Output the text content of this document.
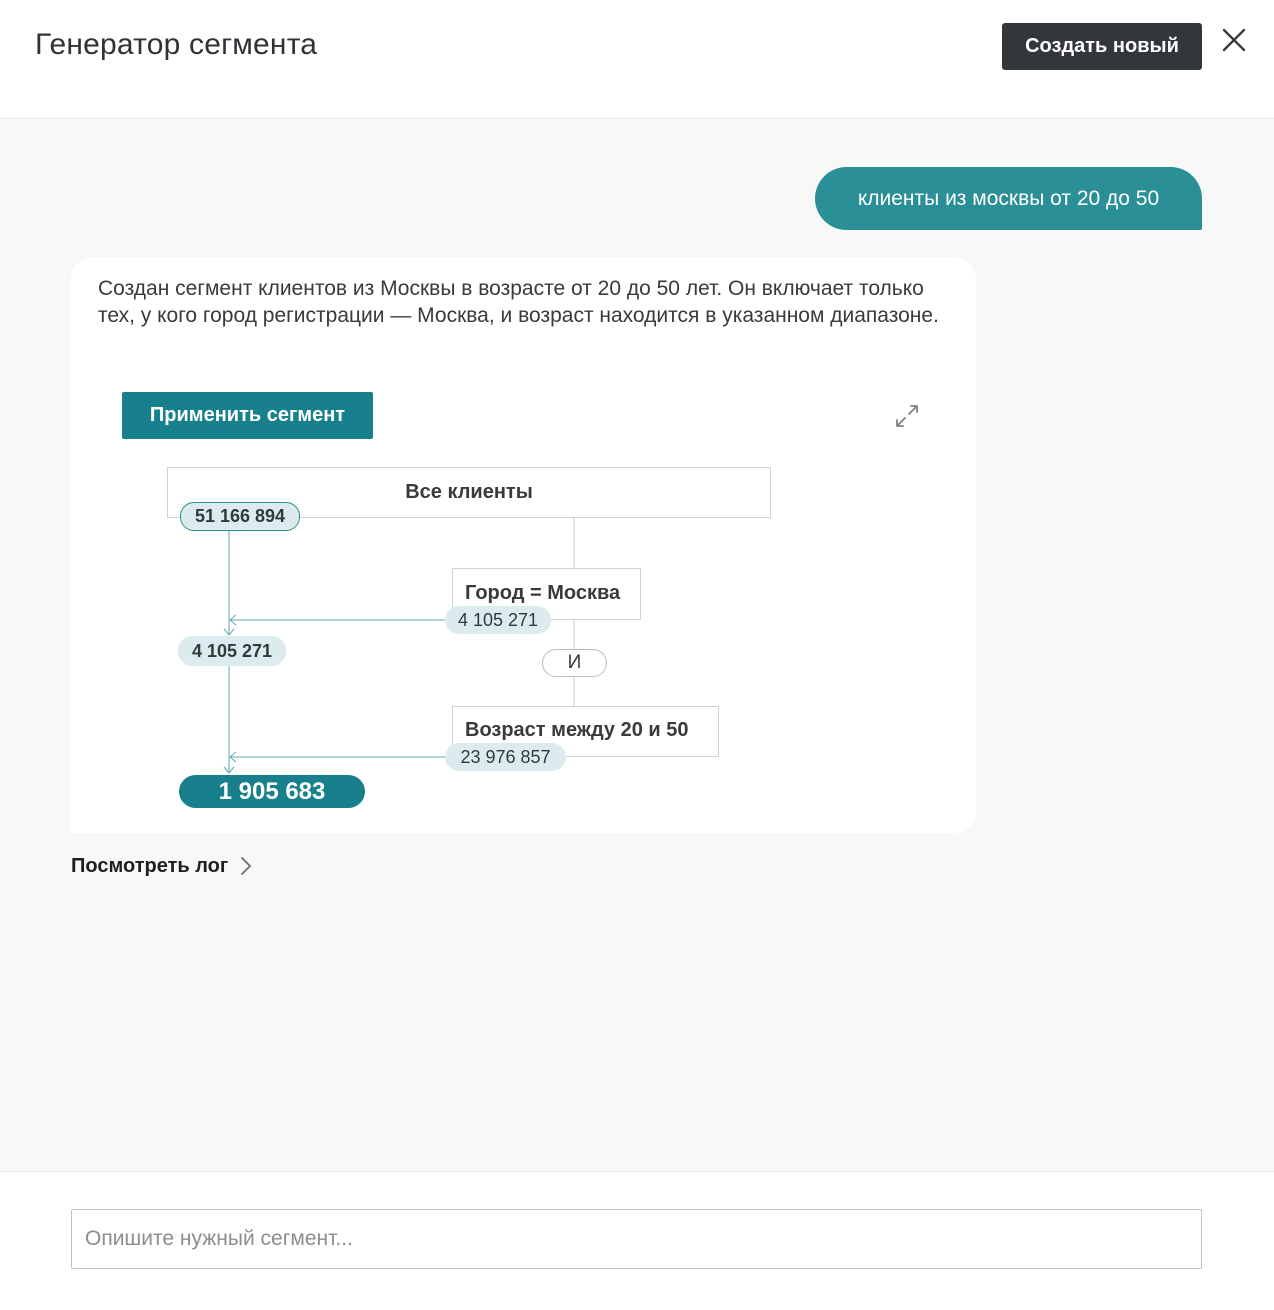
Генератор сегмента	Создать новый
клиенты из москвы от 20 до 50
Создан сегмент клиентов из Москвы в возрасте от 20 до 50 лет. Он включает только тех, у кого город регистрации — Москва, и возраст находится в указанном диапазоне.
Применить сегмент
Все клиенты
51 166 894
Город = Москва
4 105 271
4 105 271
И
Возраст между 20 и 50
23 976 857
1 905 683
Посмотреть лог
Опишите нужный сегмент...
